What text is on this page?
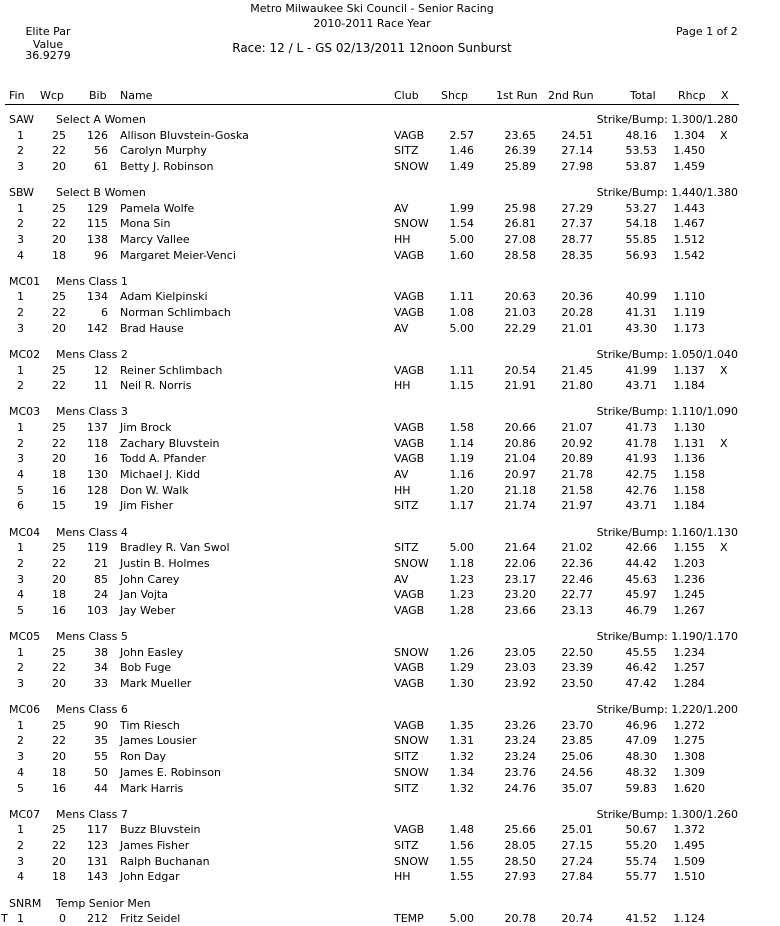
Metro Milwaukee Ski Council - Senior Racing
2010-2011 Race Year
Elite Par
Value
36.9279
Page 1 of 2
Race: 12 / L - GS 02/13/2011 12noon Sunburst
Fin Wcp Bib Name	Club Shcp	1st Run 2nd Run	Total Rhcp X
SAW Select A Women	Strike/Bump: 1.300/1.280
1	25	126 Allison Bluvstein-Goska	VAGB	2.57	23.65	24.51	48.16	1.304 X
2	22	56 Carolyn Murphy	SITZ	1.46	26.39	27.14	53.53	1.450
3	20	61 Betty J. Robinson	SNOW	1.49	25.89	27.98	53.87	1.459
SBW Select B Women	Strike/Bump: 1.440/1.380
1	25	129 Pamela Wolfe	AV	1.99	25.98	27.29	53.27	1.443
2	22	115 Mona Sin	SNOW	1.54	26.81	27.37	54.18	1.467
3	20	138 Marcy Vallee	HH	5.00	27.08	28.77	55.85	1.512
4	18	96 Margaret Meier-Venci	VAGB	1.60	28.58	28.35	56.93	1.542
MC01 Mens Class 1
1	25	134 Adam Kielpinski	VAGB	1.11	20.63	20.36	40.99	1.110
2	22	6 Norman Schlimbach	VAGB	1.08	21.03	20.28	41.31	1.119
3	20	142 Brad Hause	AV	5.00	22.29	21.01	43.30	1.173
MC02 Mens Class 2	Strike/Bump: 1.050/1.040
1	25	12 Reiner Schlimbach	VAGB	1.11	20.54	21.45	41.99	1.137 X
2	22	11 Neil R. Norris	HH	1.15	21.91	21.80	43.71	1.184
MC03 Mens Class 3	Strike/Bump: 1.110/1.090
1	25	137 Jim Brock	VAGB	1.58	20.66	21.07	41.73	1.130
2	22	118 Zachary Bluvstein	VAGB	1.14	20.86	20.92	41.78	1.131 X
3	20	16 Todd A. Pfander	VAGB	1.19	21.04	20.89	41.93	1.136
4	18	130 Michael J. Kidd	AV	1.16	20.97	21.78	42.75	1.158
5	16	128 Don W. Walk	HH	1.20	21.18	21.58	42.76	1.158
6	15	19 Jim Fisher	SITZ	1.17	21.74	21.97	43.71	1.184
MC04 Mens Class 4	Strike/Bump: 1.160/1.130
1	25	119 Bradley R. Van Swol	SITZ	5.00	21.64	21.02	42.66	1.155 X
2	22	21 Justin B. Holmes	SNOW	1.18	22.06	22.36	44.42	1.203
3	20	85 John Carey	AV	1.23	23.17	22.46	45.63	1.236
4	18	24 Jan Vojta	VAGB	1.23	23.20	22.77	45.97	1.245
5	16	103 Jay Weber	VAGB	1.28	23.66	23.13	46.79	1.267
MC05 Mens Class 5	Strike/Bump: 1.190/1.170
1	25	38 John Easley	SNOW	1.26	23.05	22.50	45.55	1.234
2	22	34 Bob Fuge	VAGB	1.29	23.03	23.39	46.42	1.257
3	20	33 Mark Mueller	VAGB	1.30	23.92	23.50	47.42	1.284
MC06 Mens Class 6	Strike/Bump: 1.220/1.200
1	25	90 Tim Riesch	VAGB	1.35	23.26	23.70	46.96	1.272
2	22	35 James Lousier	SNOW	1.31	23.24	23.85	47.09	1.275
3	20	55 Ron Day	SITZ	1.32	23.24	25.06	48.30	1.308
4	18	50 James E. Robinson	SNOW	1.34	23.76	24.56	48.32	1.309
5	16	44 Mark Harris	SITZ	1.32	24.76	35.07	59.83	1.620
MC07 Mens Class 7	Strike/Bump: 1.300/1.260
1	25	117 Buzz Bluvstein	VAGB	1.48	25.66	25.01	50.67	1.372
2	22	123 James Fisher	SITZ	1.56	28.05	27.15	55.20	1.495
3	20	131 Ralph Buchanan	SNOW	1.55	28.50	27.24	55.74	1.509
4	18	143 John Edgar	HH	1.55	27.93	27.84	55.77	1.510
SNRM Temp Senior Men
T 1	0	212 Fritz Seidel	TEMP	5.00	20.78	20.74	41.52	1.124
